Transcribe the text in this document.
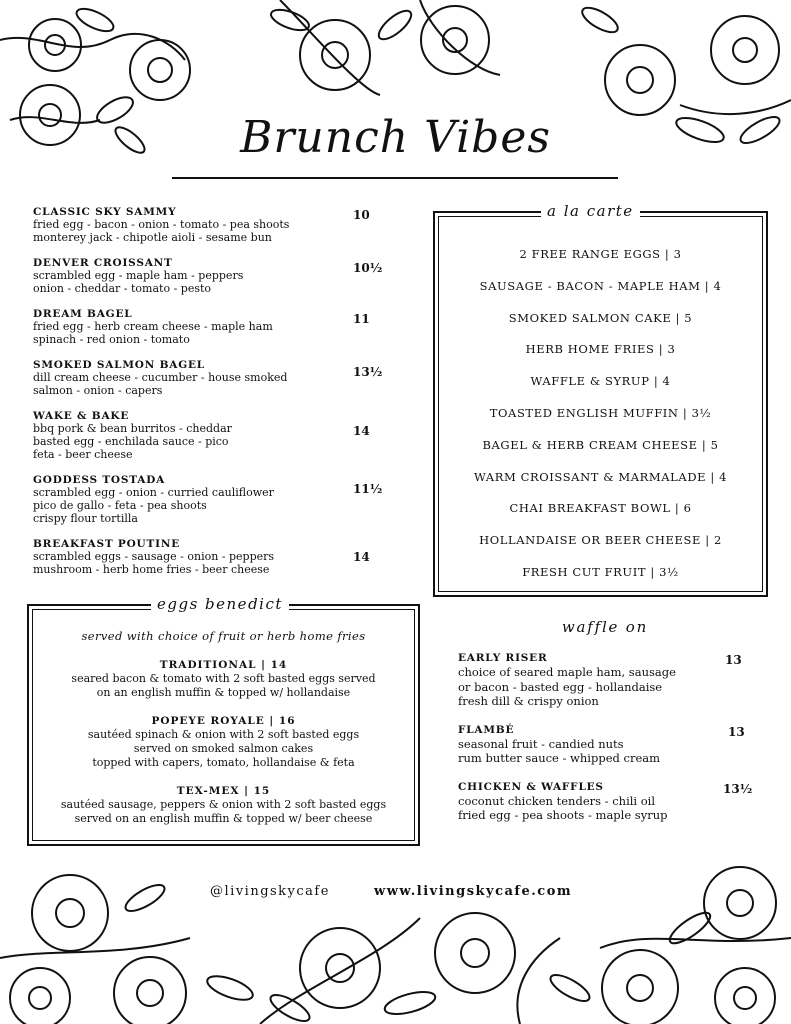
Brunch Vibes
CLASSIC SKY SAMMY
fried egg - bacon - onion - tomato - pea shoots
monterey jack - chipotle aioli - sesame bun
10
DENVER CROISSANT
scrambled egg - maple ham - peppers
onion - cheddar - tomato - pesto
10½
DREAM BAGEL
fried egg - herb cream cheese - maple ham
spinach - red onion - tomato
11
SMOKED SALMON BAGEL
dill cream cheese - cucumber - house smoked
salmon - onion - capers
13½
WAKE & BAKE
bbq pork & bean burritos - cheddar
basted egg - enchilada sauce - pico
feta - beer cheese
14
GODDESS TOSTADA
scrambled egg - onion - curried cauliflower
pico de gallo - feta - pea shoots
crispy flour tortilla
11½
BREAKFAST POUTINE
scrambled eggs - sausage - onion - peppers
mushroom - herb home fries - beer cheese
14
a la carte
2 FREE RANGE EGGS | 3
SAUSAGE - BACON - MAPLE HAM | 4
SMOKED SALMON CAKE | 5
HERB HOME FRIES | 3
WAFFLE & SYRUP | 4
TOASTED ENGLISH MUFFIN | 3½
BAGEL & HERB CREAM CHEESE | 5
WARM CROISSANT & MARMALADE | 4
CHAI BREAKFAST BOWL | 6
HOLLANDAISE OR BEER CHEESE | 2
FRESH CUT FRUIT | 3½
eggs benedict
served with choice of fruit or herb home fries
TRADITIONAL | 14
seared bacon & tomato with 2 soft basted eggs served
on an english muffin & topped w/ hollandaise
POPEYE ROYALE | 16
sautéed spinach & onion with 2 soft basted eggs
served on smoked salmon cakes
topped with capers, tomato, hollandaise & feta
TEX-MEX | 15
sautéed sausage, peppers & onion with 2 soft basted eggs
served on an english muffin & topped w/ beer cheese
waffle on
EARLY RISER
choice of seared maple ham, sausage
or bacon - basted egg - hollandaise
fresh dill & crispy onion
13
FLAMBÉ
seasonal fruit - candied nuts
rum butter sauce - whipped cream
13
CHICKEN & WAFFLES
coconut chicken tenders - chili oil
fried egg - pea shoots - maple syrup
13½
@livingskycafe	www.livingskycafe.com
